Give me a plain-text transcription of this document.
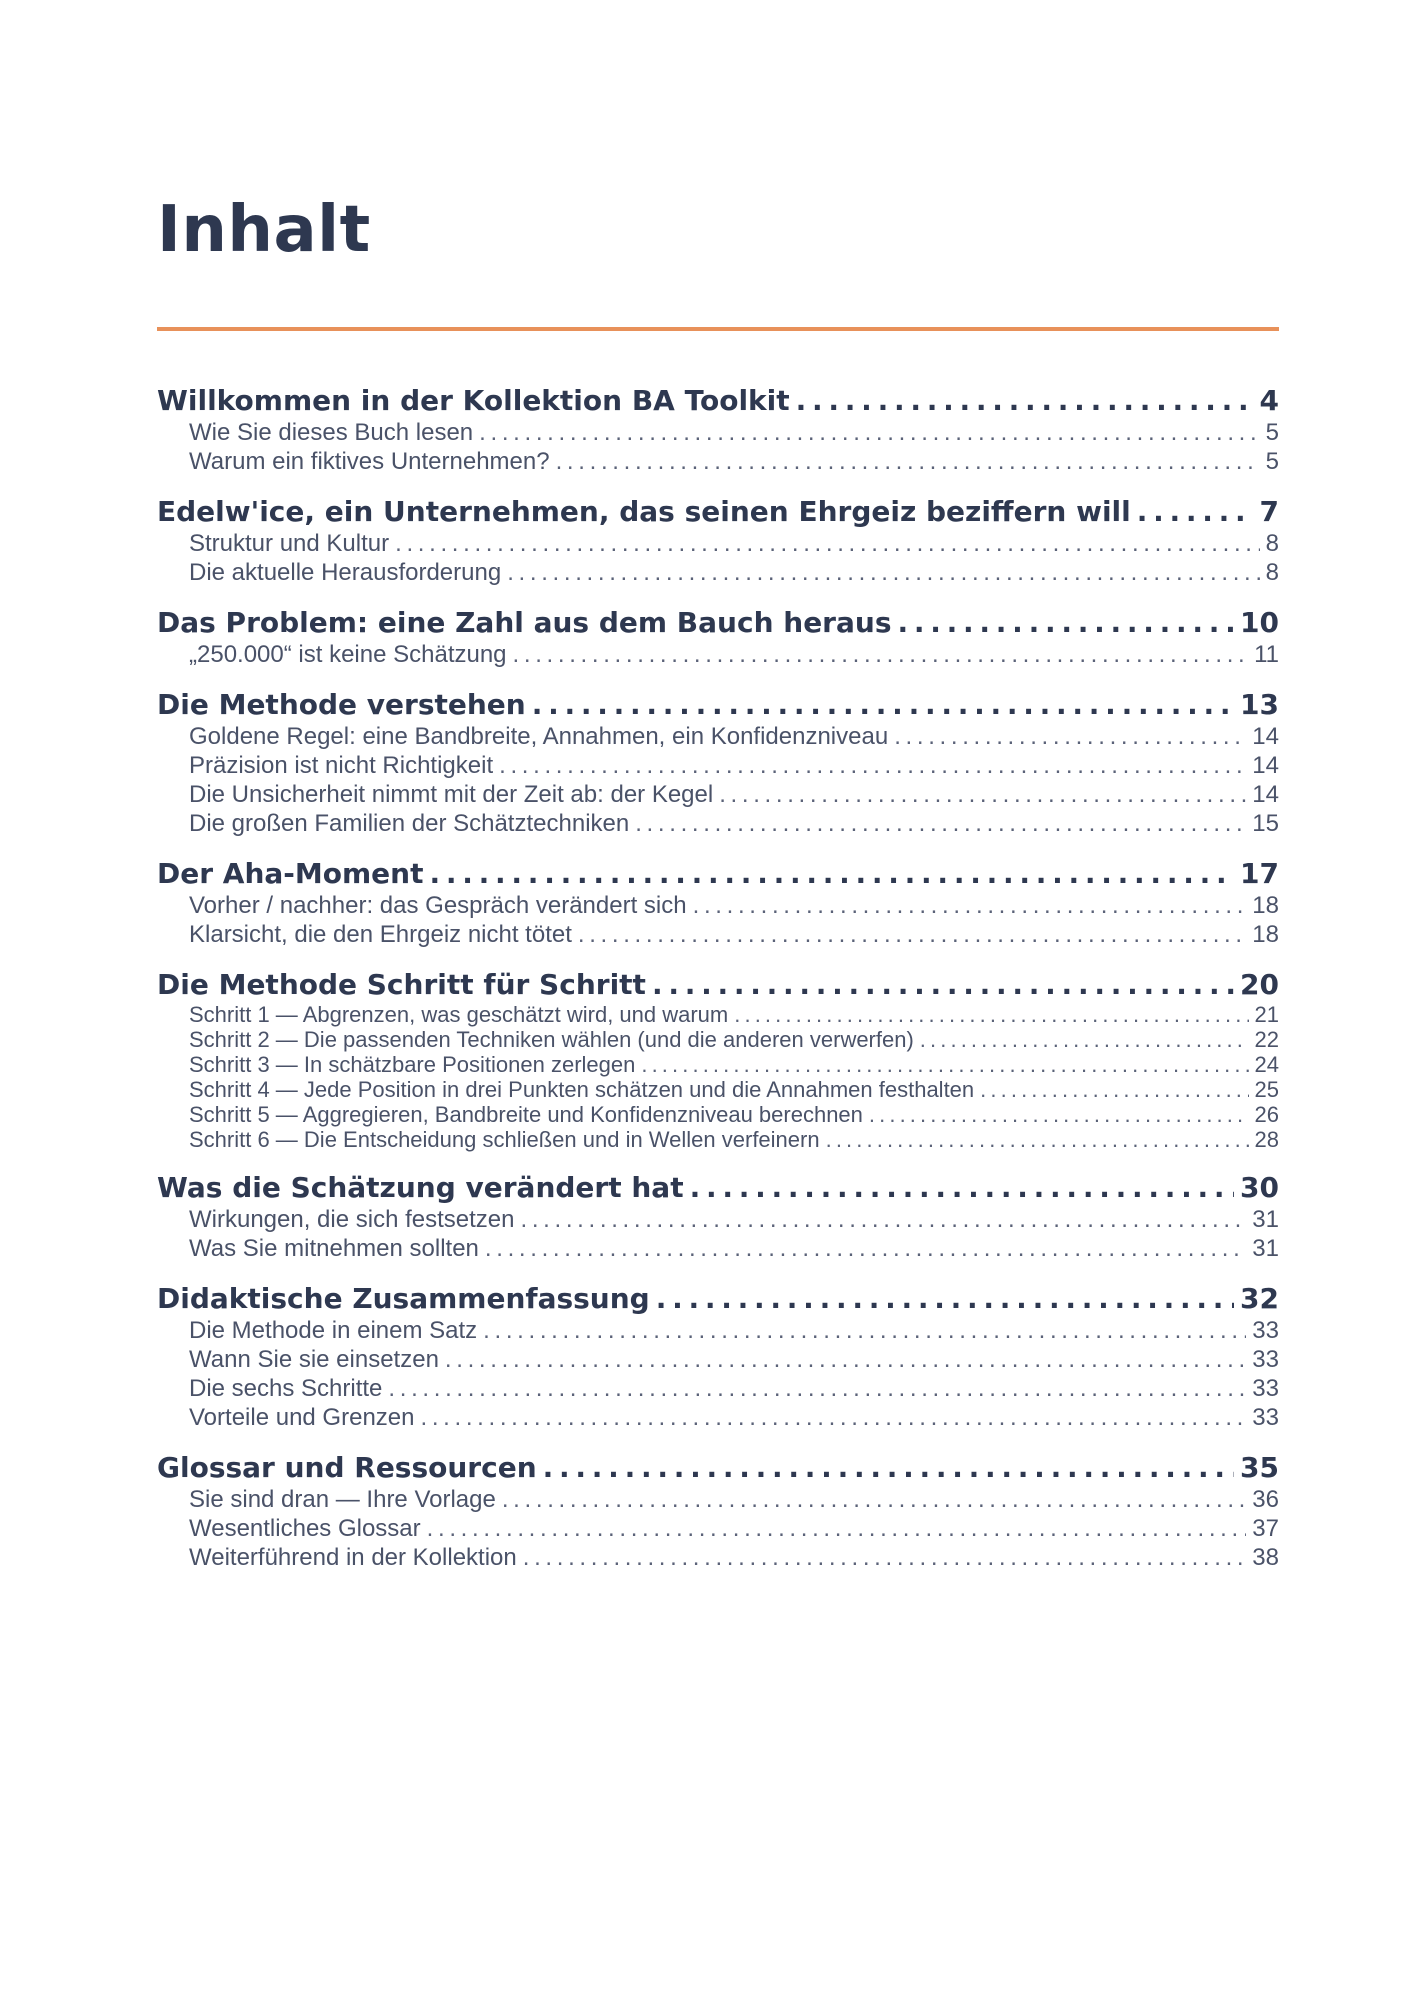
Inhalt
Willkommen in der Kollektion BA Toolkit . . .	4
Wie Sie dieses Buch lesen . . .	5
Warum ein fiktives Unternehmen? . . .	5
Edelw'ice, ein Unternehmen, das seinen Ehrgeiz beziffern will . . .	7
Struktur und Kultur . . .	8
Die aktuelle Herausforderung . . .	8
Das Problem: eine Zahl aus dem Bauch heraus . . .	10
„250.000“ ist keine Schätzung . . .	11
Die Methode verstehen . . .	13
Goldene Regel: eine Bandbreite, Annahmen, ein Konfidenzniveau . . .	14
Präzision ist nicht Richtigkeit . . .	14
Die Unsicherheit nimmt mit der Zeit ab: der Kegel . . .	14
Die großen Familien der Schätztechniken . . .	15
Der Aha-Moment . . .	17
Vorher / nachher: das Gespräch verändert sich . . .	18
Klarsicht, die den Ehrgeiz nicht tötet . . .	18
Die Methode Schritt für Schritt . . .	20
Schritt 1 — Abgrenzen, was geschätzt wird, und warum . . .	21
Schritt 2 — Die passenden Techniken wählen (und die anderen verwerfen) . . .	22
Schritt 3 — In schätzbare Positionen zerlegen . . .	24
Schritt 4 — Jede Position in drei Punkten schätzen und die Annahmen festhalten . . .	25
Schritt 5 — Aggregieren, Bandbreite und Konfidenzniveau berechnen . . .	26
Schritt 6 — Die Entscheidung schließen und in Wellen verfeinern . . .	28
Was die Schätzung verändert hat . . .	30
Wirkungen, die sich festsetzen . . .	31
Was Sie mitnehmen sollten . . .	31
Didaktische Zusammenfassung . . .	32
Die Methode in einem Satz . . .	33
Wann Sie sie einsetzen . . .	33
Die sechs Schritte . . .	33
Vorteile und Grenzen . . .	33
Glossar und Ressourcen . . .	35
Sie sind dran — Ihre Vorlage . . .	36
Wesentliches Glossar . . .	37
Weiterführend in der Kollektion . . .	38
